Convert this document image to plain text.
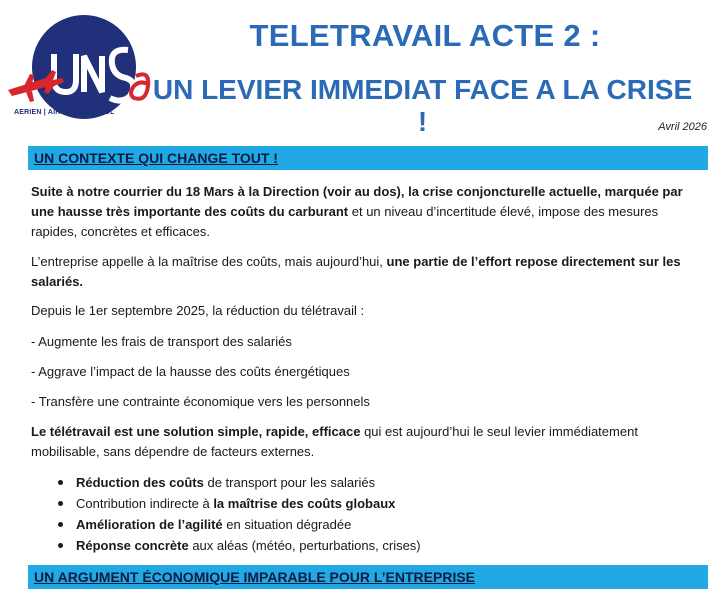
AERIEN | AIR FRANCE | SOL
TELETRAVAIL ACTE 2 :
UN LEVIER IMMEDIAT FACE A LA CRISE !	Avril 2026
UN CONTEXTE QUI CHANGE TOUT !
Suite à notre courrier du 18 Mars à la Direction (voir au dos), la crise conjoncturelle actuelle, marquée par une hausse très importante des coûts du carburant et un niveau d’incertitude élevé, impose des mesures rapides, concrètes et efficaces.
L’entreprise appelle à la maîtrise des coûts, mais aujourd’hui, une partie de l’effort repose directement sur les salariés.
Depuis le 1er septembre 2025, la réduction du télétravail :
- Augmente les frais de transport des salariés
- Aggrave l’impact de la hausse des coûts énergétiques
- Transfère une contrainte économique vers les personnels
Le télétravail est une solution simple, rapide, efficace qui est aujourd’hui le seul levier immédiatement mobilisable, sans dépendre de facteurs externes.
Réduction des coûts de transport pour les salariés
Contribution indirecte à la maîtrise des coûts globaux
Amélioration de l’agilité en situation dégradée
Réponse concrète aux aléas (météo, perturbations, crises)
UN ARGUMENT ÉCONOMIQUE IMPARABLE POUR L’ENTREPRISE
